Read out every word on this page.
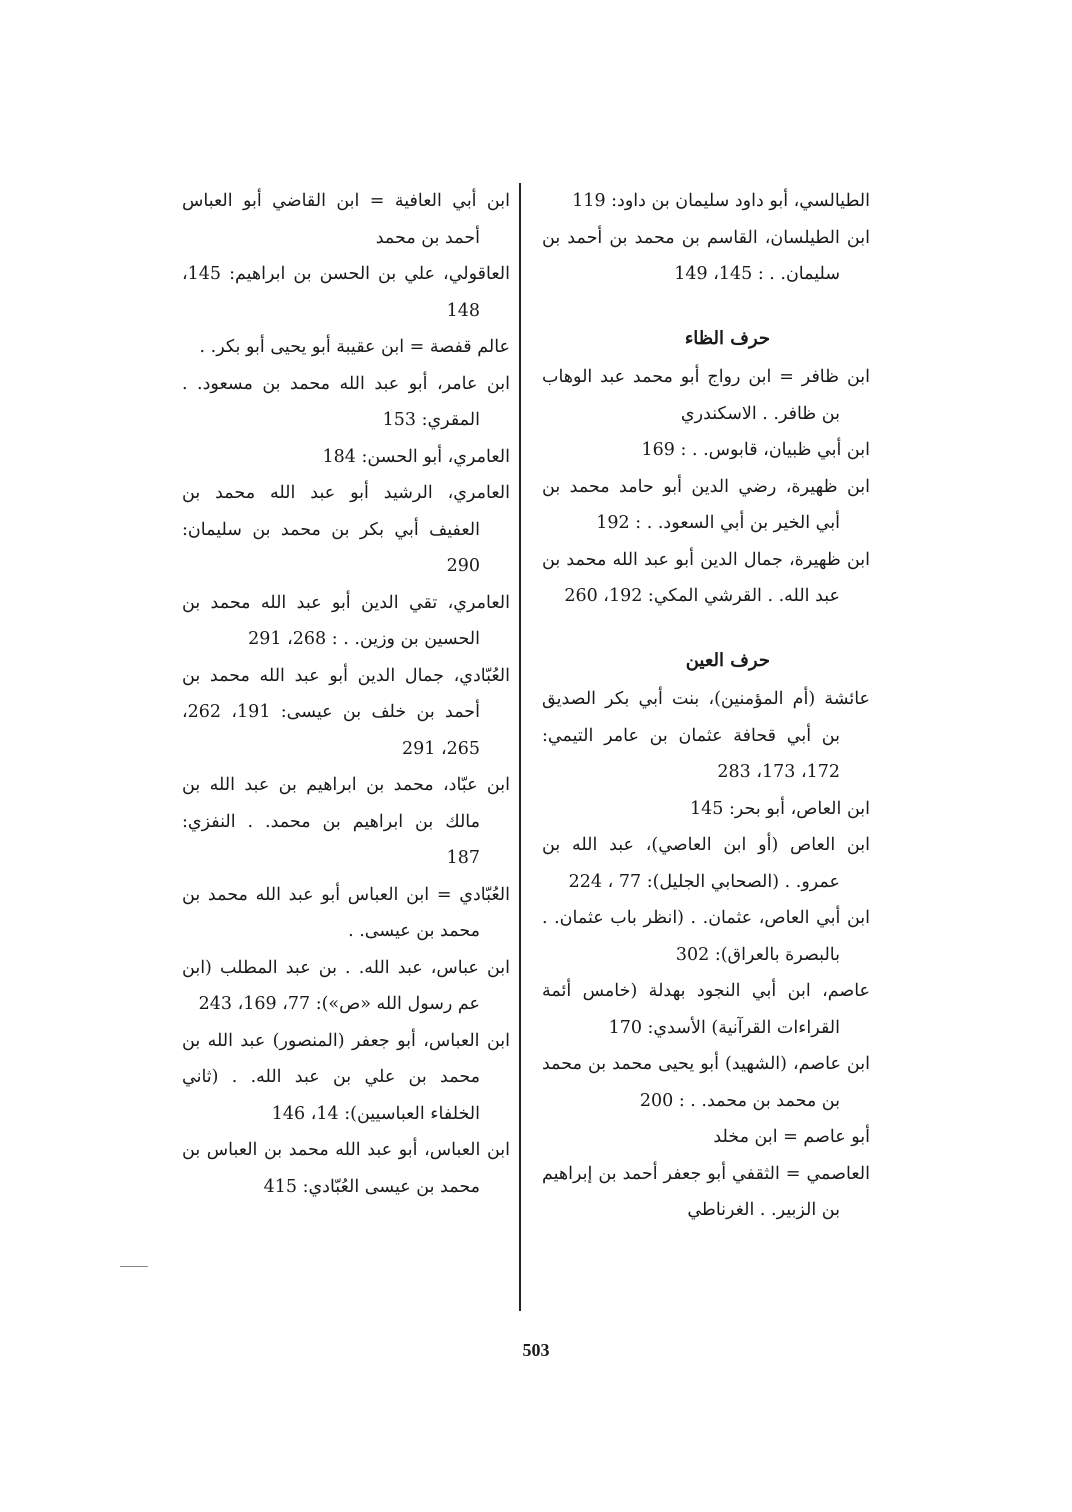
الطيالسي، أبو داود سليمان بن داود: 119

ابن الطيلسان، القاسم بن محمد بن أحمد بن سليمان. . : 145، 149

حرف الظاء

ابن ظافر = ابن رواج أبو محمد عبد الوهاب بن ظافر. . الاسكندري

ابن أبي ظبيان، قابوس. . : 169

ابن ظهيرة، رضي الدين أبو حامد محمد بن أبي الخير بن أبي السعود. . : 192

ابن ظهيرة، جمال الدين أبو عبد الله محمد بن عبد الله. . القرشي المكي: 192، 260

حرف العين

عائشة (أم المؤمنين)، بنت أبي بكر الصديق بن أبي قحافة عثمان بن عامر التيمي: 172، 173، 283

ابن العاص، أبو بحر: 145

ابن العاص (أو ابن العاصي)، عبد الله بن عمرو. . (الصحابي الجليل): 77 ، 224

ابن أبي العاص، عثمان. . (انظر باب عثمان. . بالبصرة بالعراق): 302

عاصم، ابن أبي النجود بهدلة (خامس أئمة القراءات القرآنية) الأسدي: 170

ابن عاصم، (الشهيد) أبو يحيى محمد بن محمد بن محمد بن محمد. . : 200

أبو عاصم = ابن مخلد

العاصمي = الثقفي أبو جعفر أحمد بن إبراهيم بن الزبير. . الغرناطي

ابن أبي العافية = ابن القاضي أبو العباس أحمد بن محمد

العاقولي، علي بن الحسن بن ابراهيم: 145، 148

عالم قفصة = ابن عقيبة أبو يحيى أبو بكر. .

ابن عامر، أبو عبد الله محمد بن مسعود. . المقري: 153

العامري، أبو الحسن: 184

العامري، الرشيد أبو عبد الله محمد بن العفيف أبي بكر بن محمد بن سليمان: 290

العامري، تقي الدين أبو عبد الله محمد بن الحسين بن وزين. . : 268، 291

العُبّادي، جمال الدين أبو عبد الله محمد بن أحمد بن خلف بن عيسى: 191، 262، 265، 291

ابن عبّاد، محمد بن ابراهيم بن عبد الله بن مالك بن ابراهيم بن محمد. . النفزي: 187

العُبّادي = ابن العباس أبو عبد الله محمد بن محمد بن عيسى. .

ابن عباس، عبد الله. . بن عبد المطلب (ابن عم رسول الله «ص»): 77، 169، 243

ابن العباس، أبو جعفر (المنصور) عبد الله بن محمد بن علي بن عبد الله. . (ثاني الخلفاء العباسيين): 14، 146

ابن العباس، أبو عبد الله محمد بن العباس بن محمد بن عيسى العُبّادي: 415

503
